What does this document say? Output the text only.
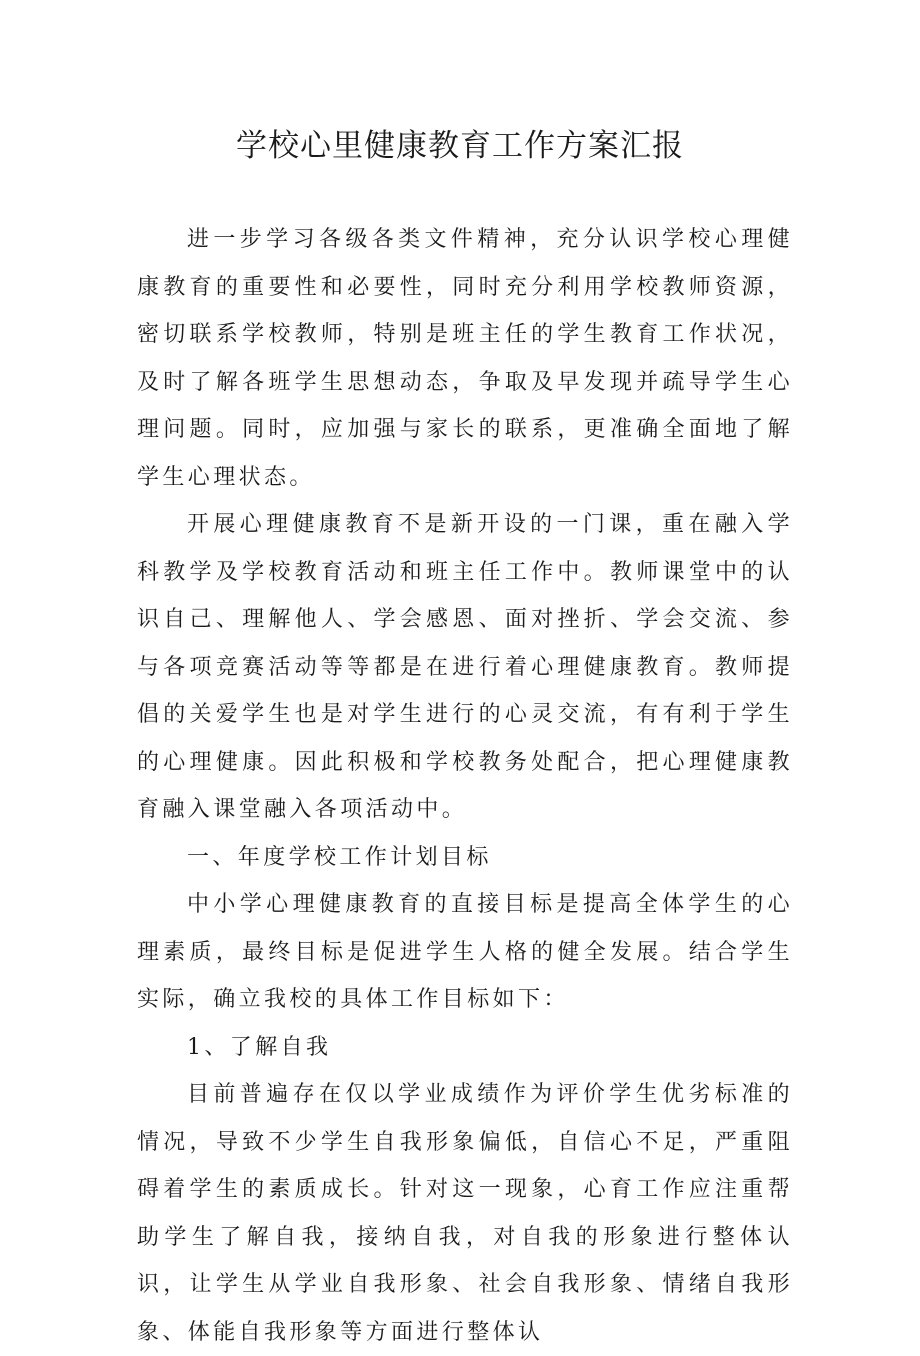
学校心里健康教育工作方案汇报

进一步学习各级各类文件精神，充分认识学校心理健康教育的重要性和必要性，同时充分利用学校教师资源，密切联系学校教师，特别是班主任的学生教育工作状况，及时了解各班学生思想动态，争取及早发现并疏导学生心理问题。同时，应加强与家长的联系，更准确全面地了解学生心理状态。

开展心理健康教育不是新开设的一门课，重在融入学科教学及学校教育活动和班主任工作中。教师课堂中的认识自己、理解他人、学会感恩、面对挫折、学会交流、参与各项竞赛活动等等都是在进行着心理健康教育。教师提倡的关爱学生也是对学生进行的心灵交流，有有利于学生的心理健康。因此积极和学校教务处配合，把心理健康教育融入课堂融入各项活动中。

一、年度学校工作计划目标

中小学心理健康教育的直接目标是提高全体学生的心理素质，最终目标是促进学生人格的健全发展。结合学生实际，确立我校的具体工作目标如下：

1、了解自我

目前普遍存在仅以学业成绩作为评价学生优劣标准的情况，导致不少学生自我形象偏低，自信心不足，严重阻碍着学生的素质成长。针对这一现象，心育工作应注重帮助学生了解自我，接纳自我，对自我的形象进行整体认识，让学生从学业自我形象、社会自我形象、情绪自我形象、体能自我形象等方面进行整体认
